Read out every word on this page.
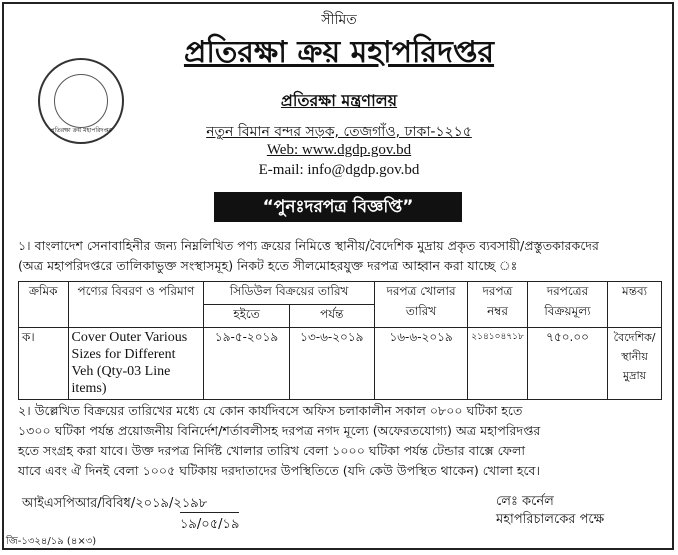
সীমিত
প্রতিরক্ষা ক্রয় মহাপরিদপ্তর
প্রতিরক্ষা মন্ত্রণালয়
নতুন বিমান বন্দর সড়ক, তেজগাঁও, ঢাকা-১২১৫
Web: www.dgdp.gov.bd
E-mail: info@dgdp.gov.bd
প্রতিরক্ষা ক্রয় মহাপরিদপ্তর
“পুনঃদরপত্র বিজ্ঞপ্তি”
১। বাংলাদেশ সেনাবাহিনীর জন্য নিম্নলিখিত পণ্য ক্রয়ের নিমিত্তে স্থানীয়/বৈদেশিক মুদ্রায় প্রকৃত ব্যবসায়ী/প্রস্তুতকারকদের
(অত্র মহাপরিদপ্তরে তালিকাভুক্ত সংস্থাসমূহ) নিকট হতে সীলমোহরযুক্ত দরপত্র আহ্বান করা যাচ্ছে ঃ
ক্রমিক	পণ্যের বিবরণ ও পরিমাণ	সিডিউল বিক্রয়ের তারিখ		দরপত্র খোলার তারিখ	দরপত্র নম্বর	দরপত্রের বিক্রয়মূল্য	মন্তব্য
		হইতে	পর্যন্ত				
ক।	Cover Outer Various Sizes for Different Veh (Qty-03 Line items)	১৯-৫-২০১৯	১৩-৬-২০১৯	১৬-৬-২০১৯	২১৪১০৪৭১৮	৭৫০.০০	বৈদেশিক/ স্থানীয় মুদ্রায়
২। উল্লেখিত বিক্রয়ের তারিখের মধ্যে যে কোন কার্যদিবসে অফিস চলাকালীন সকাল ০৮০০ ঘটিকা হতে
১৩০০ ঘটিকা পর্যন্ত প্রয়োজনীয় বিনির্দেশ/শর্তাবলীসহ দরপত্র নগদ মূল্যে (অফেরতযোগ্য) অত্র মহাপরিদপ্তর
হতে সংগ্রহ করা যাবে। উক্ত দরপত্র নির্দিষ্ট খোলার তারিখ বেলা ১০০০ ঘটিকা পর্যন্ত টেন্ডার বাক্সে ফেলা
যাবে এবং ঐ দিনই বেলা ১০০৫ ঘটিকায় দরদাতাদের উপস্থিতিতে (যদি কেউ উপস্থিত থাকেন) খোলা হবে।
আইএসপিআর/বিবিধ/২০১৯/২১৯৮
১৯/০৫/১৯
লেঃ কর্নেল
মহাপরিচালকের পক্ষে
জি-১৩২৪/১৯ (৪×৩)
